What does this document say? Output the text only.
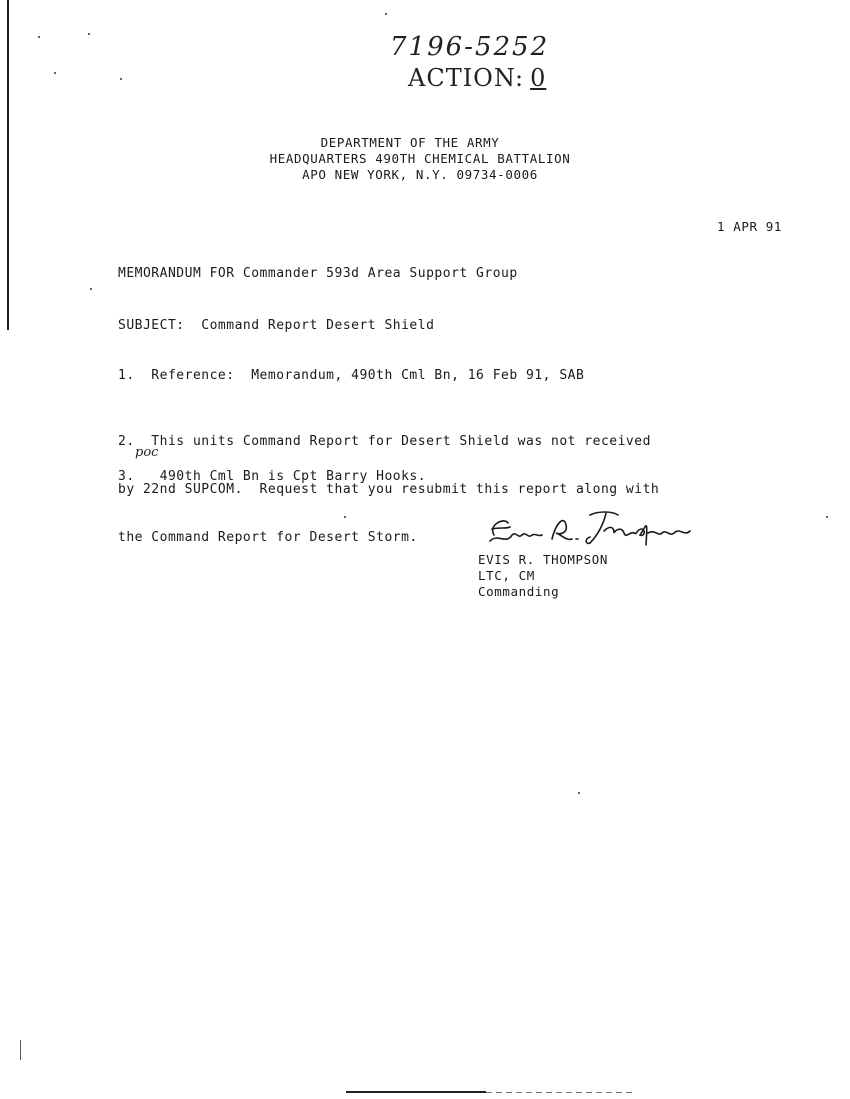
7196-5252
ACTION: 0
DEPARTMENT OF THE ARMY
HEADQUARTERS 490TH CHEMICAL BATTALION
APO NEW YORK, N.Y. 09734-0006
1 APR 91
MEMORANDUM FOR Commander 593d Area Support Group
SUBJECT:  Command Report Desert Shield
1.  Reference:  Memorandum, 490th Cml Bn, 16 Feb 91, SAB

2.  This units Command Report for Desert Shield was not received

by 22nd SUPCOM.  Request that you resubmit this report along with

the Command Report for Desert Storm.

poc
3.   490th Cml Bn is Cpt Barry Hooks.
EVIS R. THOMPSON
LTC, CM
Commanding
